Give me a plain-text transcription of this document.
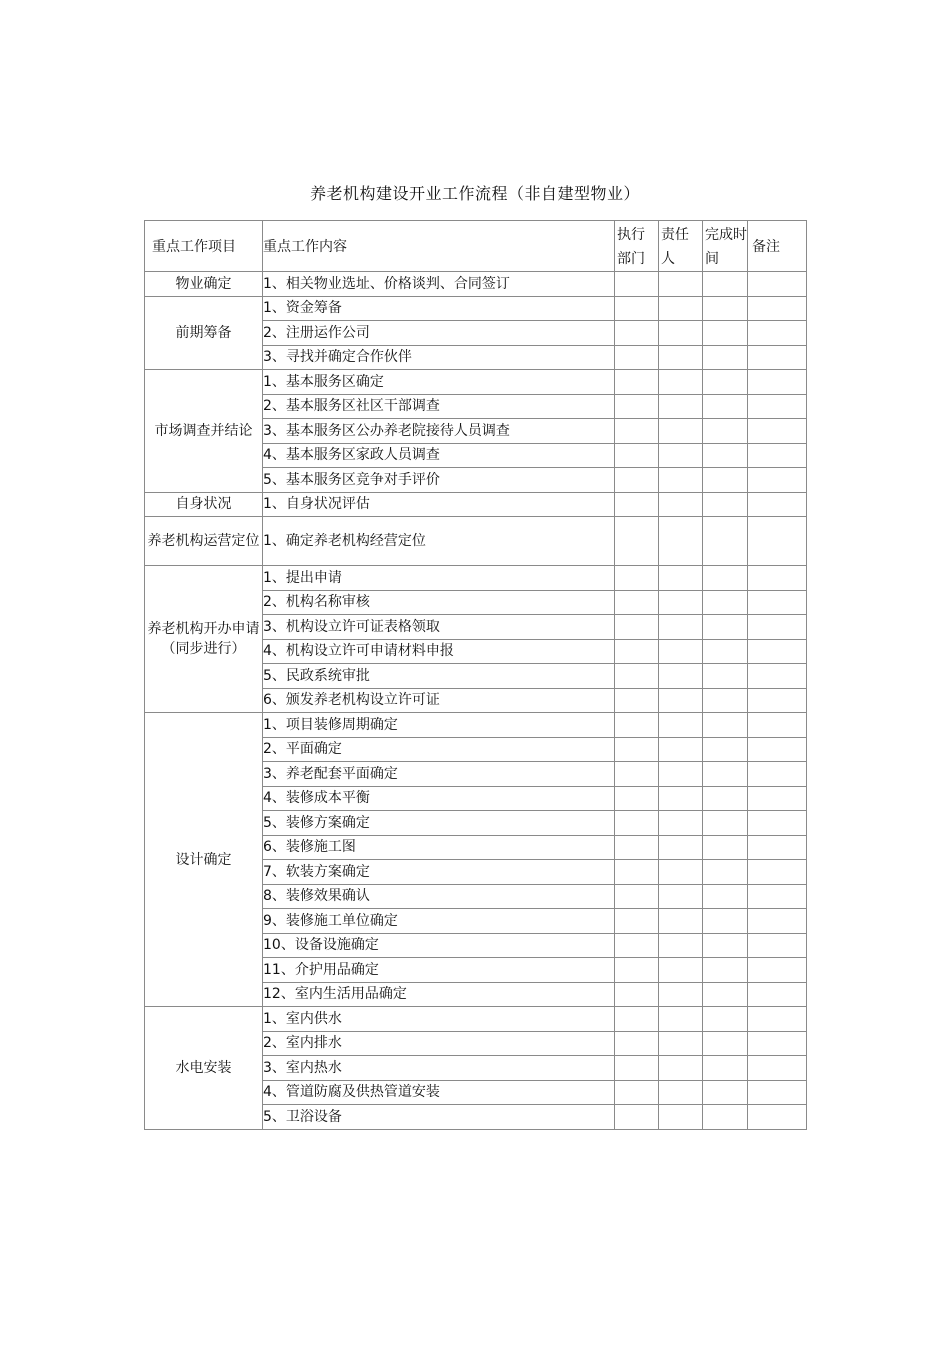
养老机构建设开业工作流程（非自建型物业）
重点工作项目	重点工作内容	执行部门	责任人	完成时间	备注
物业确定	1、相关物业选址、价格谈判、合同签订				
前期筹备	1、资金筹备				
	2、注册运作公司				
	3、寻找并确定合作伙伴				
市场调查并结论	1、基本服务区确定				
	2、基本服务区社区干部调查				
	3、基本服务区公办养老院接待人员调查				
	4、基本服务区家政人员调查				
	5、基本服务区竞争对手评价				
自身状况	1、自身状况评估				
养老机构运营定位	1、确定养老机构经营定位				
养老机构开办申请（同步进行）	1、提出申请				
	2、机构名称审核				
	3、机构设立许可证表格领取				
	4、机构设立许可申请材料申报				
	5、民政系统审批				
	6、颁发养老机构设立许可证				
设计确定	1、项目装修周期确定				
	2、平面确定				
	3、养老配套平面确定				
	4、装修成本平衡				
	5、装修方案确定				
	6、装修施工图				
	7、软装方案确定				
	8、装修效果确认				
	9、装修施工单位确定				
	10、设备设施确定				
	11、介护用品确定				
	12、室内生活用品确定				
水电安装	1、室内供水				
	2、室内排水				
	3、室内热水				
	4、管道防腐及供热管道安装				
	5、卫浴设备				
